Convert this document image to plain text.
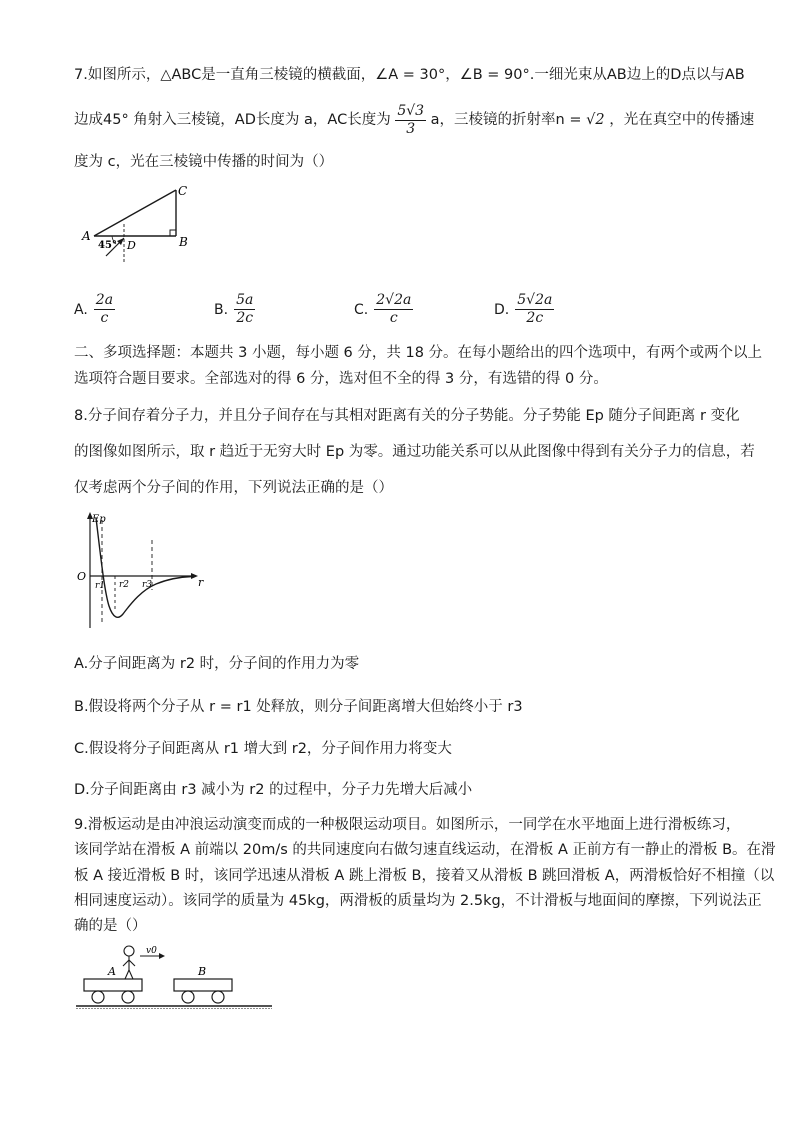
7.如图所示，△ABC是一直角三棱镜的横截面，∠A = 30°，∠B = 90°.一细光束从AB边上的D点以与AB
边成45° 角射入三棱镜，AD长度为 a，AC长度为 $\frac{5√3}{3}$ a，三棱镜的折射率n = √2 ，光在真空中的传播速
度为 c，光在三棱镜中传播的时间为（）
A	B
C
D
45°
A. $\frac{2a}{c}$	B. $\frac{5a}{2c}$	C. $\frac{2√2a}{c}$	D. $\frac{5√2a}{2c}$
二、多项选择题：本题共 3 小题，每小题 6 分，共 18 分。在每小题给出的四个选项中，有两个或两个以上
选项符合题目要求。全部选对的得 6 分，选对但不全的得 3 分，有选错的得 0 分。
8.分子间存着分子力，并且分子间存在与其相对距离有关的分子势能。分子势能 Ep 随分子间距离 r 变化
的图像如图所示，取 r 趋近于无穷大时 Ep 为零。通过功能关系可以从此图像中得到有关分子力的信息，若
仅考虑两个分子间的作用，下列说法正确的是（）
Ep
O	r
r1 r2 r3
A.分子间距离为 r2 时，分子间的作用力为零
B.假设将两个分子从 r = r1 处释放，则分子间距离增大但始终小于 r3
C.假设将分子间距离从 r1 增大到 r2，分子间作用力将变大
D.分子间距离由 r3 减小为 r2 的过程中，分子力先增大后减小
9.滑板运动是由冲浪运动演变而成的一种极限运动项目。如图所示，一同学在水平地面上进行滑板练习，
该同学站在滑板 A 前端以 20m/s 的共同速度向右做匀速直线运动，在滑板 A 正前方有一静止的滑板 B。在滑
板 A 接近滑板 B 时，该同学迅速从滑板 A 跳上滑板 B，接着又从滑板 B 跳回滑板 A，两滑板恰好不相撞（以
相同速度运动）。该同学的质量为 45kg，两滑板的质量均为 2.5kg，不计滑板与地面间的摩擦，下列说法正
确的是（）
v0
A	B
